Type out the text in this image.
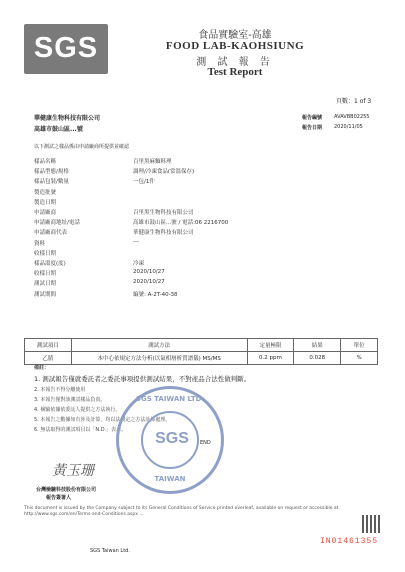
SGS	食品實驗室-高雄
FOOD LAB-KAOHSIUNG
測 試 報 告
Test Report
頁數：1 of 3
報告編號 AVAVBB02255
報告日期 2020/11/05
華健康生物科技有限公司
高雄市鼓山區...號
以下測試之樣品係由申請廠商所提供並確認
樣品名稱	百里黑麻麵料理
樣品型態/規格	調理/冷凍食品(常溫保存)
樣品包裝/數量	一包/1件
製造批號
製造日期
申請廠商	百里黑生物科技有限公司
申請廠商地址/電話	高雄市鼓山區...號 / 電話:06 2216700
申請廠商代表	華健康生物科技有限公司
資料	---
收樣日期
樣品溫度(度)	冷凍
收樣日期	2020/10/27
測試日期	2020/10/27
測試期間	編號: A-2T-40-38
測試項目	測試方法	定量極限	結果	單位
乙腈	本中心依規定方法分析(以氣相層析質譜儀) MS/MS	0.2 ppm	0.028	%
備註：
1. 測試報告僅就委託者之委託事項提供測試結果，不對產品合法性做判斷。
2. 本報告不得分離使用
3. 本報告僅對該測試樣品負責。
4. 檢驗依據依委託人提供之方法執行。
5. 本報告之數據如有涉及計算，均以法規定之方法計算處理。
6. 無法取得的測試項目以「N.D.」表示。
END
黃玉珊
台灣檢驗科技股份有限公司
報告簽署人
SGS TAIWAN LTD.
SGS
TAIWAN
This document is issued by the Company subject to its General Conditions of Service printed overleaf, available on request or accessible at http://www.sgs.com/en/Terms-and-Conditions.aspx ...
SGS Taiwan Ltd.
IN01461355
